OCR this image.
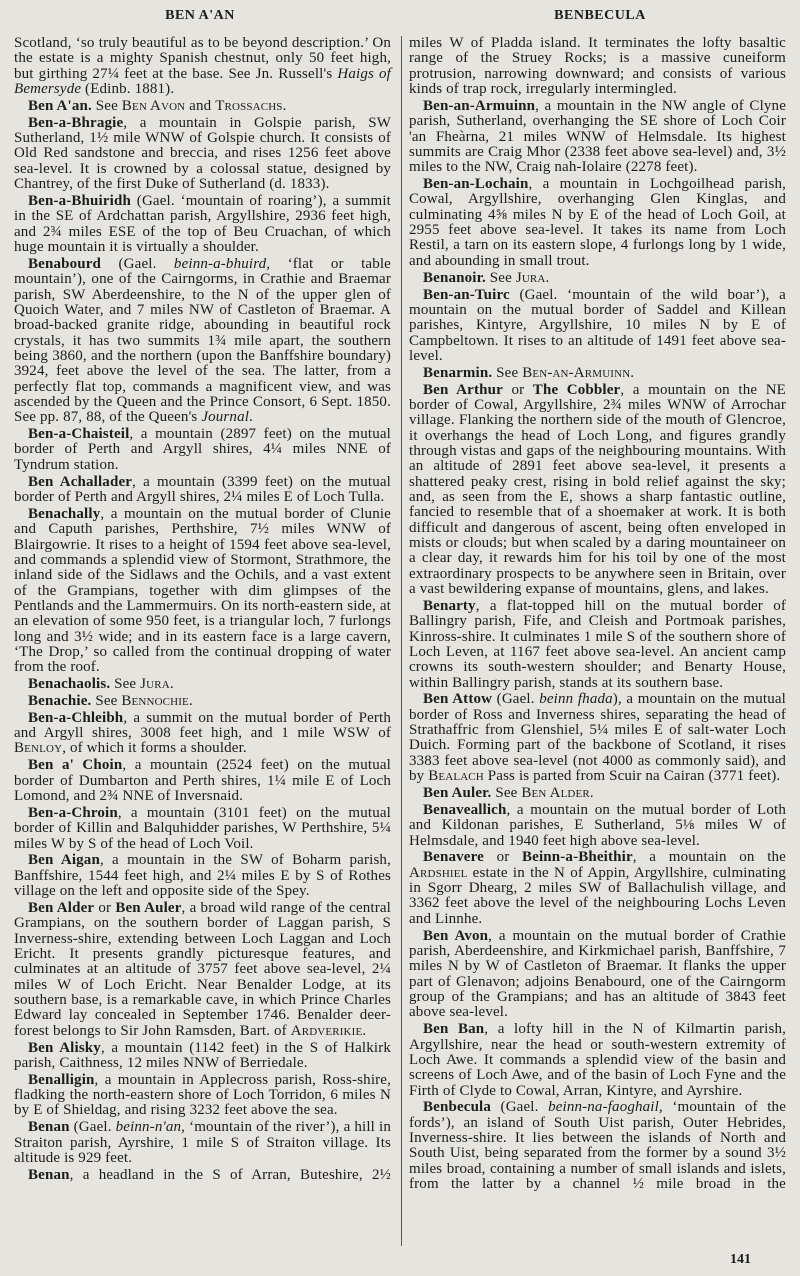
BEN A'AN	BENBECULA

Scotland, ‘so truly beautiful as to be beyond description.’ On the estate is a mighty Spanish chestnut, only 50 feet high, but girthing 27¼ feet at the base. See Jn. Russell's Haigs of Bemersyde (Edinb. 1881).

Ben A'an. See Ben Avon and Trossachs.

Ben-a-Bhragie, a mountain in Golspie parish, SW Sutherland, 1½ mile WNW of Golspie church. It consists of Old Red sandstone and breccia, and rises 1256 feet above sea-level. It is crowned by a colossal statue, designed by Chantrey, of the first Duke of Sutherland (d. 1833).

Ben-a-Bhuiridh (Gael. ‘mountain of roaring’), a summit in the SE of Ardchattan parish, Argyllshire, 2936 feet high, and 2¾ miles ESE of the top of Beu Cruachan, of which huge mountain it is virtually a shoulder.

Benabourd (Gael. beinn-a-bhuird, ‘flat or table mountain’), one of the Cairngorms, in Crathie and Braemar parish, SW Aberdeenshire, to the N of the upper glen of Quoich Water, and 7 miles NW of Castleton of Braemar. A broad-backed granite ridge, abounding in beautiful rock crystals, it has two summits 1¾ mile apart, the southern being 3860, and the northern (upon the Banffshire boundary) 3924, feet above the level of the sea. The latter, from a perfectly flat top, commands a magnificent view, and was ascended by the Queen and the Prince Consort, 6 Sept. 1850. See pp. 87, 88, of the Queen's Journal.

Ben-a-Chaisteil, a mountain (2897 feet) on the mutual border of Perth and Argyll shires, 4¼ miles NNE of Tyndrum station.

Ben Achallader, a mountain (3399 feet) on the mutual border of Perth and Argyll shires, 2¼ miles E of Loch Tulla.

Benachally, a mountain on the mutual border of Clunie and Caputh parishes, Perthshire, 7½ miles WNW of Blairgowrie. It rises to a height of 1594 feet above sea-level, and commands a splendid view of Stormont, Strathmore, the inland side of the Sidlaws and the Ochils, and a vast extent of the Grampians, together with dim glimpses of the Pentlands and the Lammermuirs. On its north-eastern side, at an elevation of some 950 feet, is a triangular loch, 7 furlongs long and 3½ wide; and in its eastern face is a large cavern, ‘The Drop,’ so called from the continual dropping of water from the roof.

Benachaolis. See Jura.

Benachie. See Bennochie.

Ben-a-Chleibh, a summit on the mutual border of Perth and Argyll shires, 3008 feet high, and 1 mile WSW of Benloy, of which it forms a shoulder.

Ben a' Choin, a mountain (2524 feet) on the mutual border of Dumbarton and Perth shires, 1¼ mile E of Loch Lomond, and 2¾ NNE of Inversnaid.

Ben-a-Chroin, a mountain (3101 feet) on the mutual border of Killin and Balquhidder parishes, W Perthshire, 5¼ miles W by S of the head of Loch Voil.

Ben Aigan, a mountain in the SW of Boharm parish, Banffshire, 1544 feet high, and 2¼ miles E by S of Rothes village on the left and opposite side of the Spey.

Ben Alder or Ben Auler, a broad wild range of the central Grampians, on the southern border of Laggan parish, S Inverness-shire, extending between Loch Laggan and Loch Ericht. It presents grandly picturesque features, and culminates at an altitude of 3757 feet above sea-level, 2¼ miles W of Loch Ericht. Near Benalder Lodge, at its southern base, is a remarkable cave, in which Prince Charles Edward lay concealed in September 1746. Benalder deer-forest belongs to Sir John Ramsden, Bart. of Ardverikie.

Ben Alisky, a mountain (1142 feet) in the S of Halkirk parish, Caithness, 12 miles NNW of Berriedale.

Benalligin, a mountain in Applecross parish, Ross-shire, fladking the north-eastern shore of Loch Torridon, 6 miles N by E of Shieldag, and rising 3232 feet above the sea.

Benan (Gael. beinn-n'an, ‘mountain of the river’), a hill in Straiton parish, Ayrshire, 1 mile S of Straiton village. Its altitude is 929 feet.

Benan, a headland in the S of Arran, Buteshire, 2½

miles W of Pladda island. It terminates the lofty basaltic range of the Struey Rocks; is a massive cuneiform protrusion, narrowing downward; and consists of various kinds of trap rock, irregularly intermingled.

Ben-an-Armuinn, a mountain in the NW angle of Clyne parish, Sutherland, overhanging the SE shore of Loch Coir 'an Fheàrna, 21 miles WNW of Helmsdale. Its highest summits are Craig Mhor (2338 feet above sea-level) and, 3½ miles to the NW, Craig nah-Iolaire (2278 feet).

Ben-an-Lochain, a mountain in Lochgoilhead parish, Cowal, Argyllshire, overhanging Glen Kinglas, and culminating 4⅝ miles N by E of the head of Loch Goil, at 2955 feet above sea-level. It takes its name from Loch Restil, a tarn on its eastern slope, 4 furlongs long by 1 wide, and abounding in small trout.

Benanoir. See Jura.

Ben-an-Tuirc (Gael. ‘mountain of the wild boar’), a mountain on the mutual border of Saddel and Killean parishes, Kintyre, Argyllshire, 10 miles N by E of Campbeltown. It rises to an altitude of 1491 feet above sea-level.

Benarmin. See Ben-an-Armuinn.

Ben Arthur or The Cobbler, a mountain on the NE border of Cowal, Argyllshire, 2¾ miles WNW of Arrochar village. Flanking the northern side of the mouth of Glencroe, it overhangs the head of Loch Long, and figures grandly through vistas and gaps of the neighbouring mountains. With an altitude of 2891 feet above sea-level, it presents a shattered peaky crest, rising in bold relief against the sky; and, as seen from the E, shows a sharp fantastic outline, fancied to resemble that of a shoemaker at work. It is both difficult and dangerous of ascent, being often enveloped in mists or clouds; but when scaled by a daring mountaineer on a clear day, it rewards him for his toil by one of the most extraordinary prospects to be anywhere seen in Britain, over a vast bewildering expanse of mountains, glens, and lakes.

Benarty, a flat-topped hill on the mutual border of Ballingry parish, Fife, and Cleish and Portmoak parishes, Kinross-shire. It culminates 1 mile S of the southern shore of Loch Leven, at 1167 feet above sea-level. An ancient camp crowns its south-western shoulder; and Benarty House, within Ballingry parish, stands at its southern base.

Ben Attow (Gael. beinn fhada), a mountain on the mutual border of Ross and Inverness shires, separating the head of Strathaffric from Glenshiel, 5¼ miles E of salt-water Loch Duich. Forming part of the backbone of Scotland, it rises 3383 feet above sea-level (not 4000 as commonly said), and by Bealach Pass is parted from Scuir na Cairan (3771 feet).

Ben Auler. See Ben Alder.

Benaveallich, a mountain on the mutual border of Loth and Kildonan parishes, E Sutherland, 5⅛ miles W of Helmsdale, and 1940 feet high above sea-level.

Benavere or Beinn-a-Bheithir, a mountain on the Ardshiel estate in the N of Appin, Argyllshire, culminating in Sgorr Dhearg, 2 miles SW of Ballachulish village, and 3362 feet above the level of the neighbouring Lochs Leven and Linnhe.

Ben Avon, a mountain on the mutual border of Crathie parish, Aberdeenshire, and Kirkmichael parish, Banffshire, 7 miles N by W of Castleton of Braemar. It flanks the upper part of Glenavon; adjoins Benabourd, one of the Cairngorm group of the Grampians; and has an altitude of 3843 feet above sea-level.

Ben Ban, a lofty hill in the N of Kilmartin parish, Argyllshire, near the head or south-western extremity of Loch Awe. It commands a splendid view of the basin and screens of Loch Awe, and of the basin of Loch Fyne and the Firth of Clyde to Cowal, Arran, Kintyre, and Ayrshire.

Benbecula (Gael. beinn-na-faoghail, ‘mountain of the fords’), an island of South Uist parish, Outer Hebrides, Inverness-shire. It lies between the islands of North and South Uist, being separated from the former by a sound 3½ miles broad, containing a number of small islands and islets, from the latter by a channel ½ mile broad in the

141
